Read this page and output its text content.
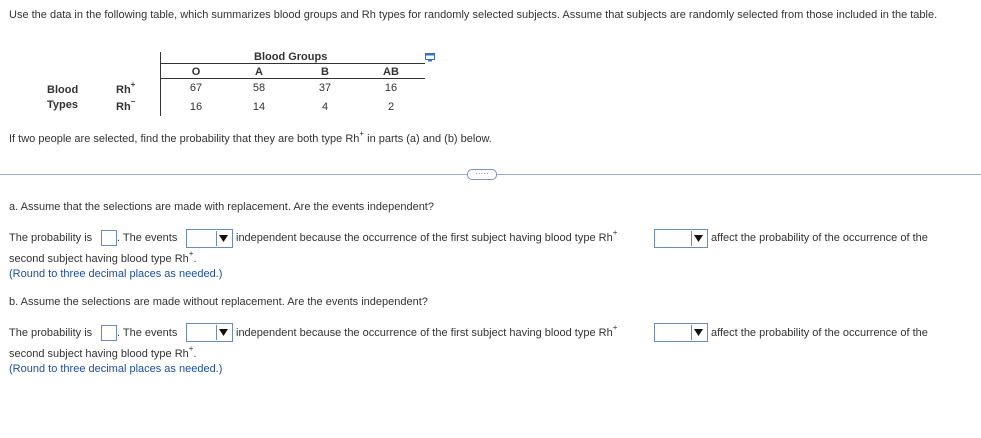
Use the data in the following table, which summarizes blood groups and Rh types for randomly selected subjects. Assume that subjects are randomly selected from those included in the table.
Blood Groups
O	A	B	AB
Blood
Types
Rh+
Rh−
67	58	37	16
16	14	4	2
If two people are selected, find the probability that they are both type Rh+ in parts (a) and (b) below.
·····
a. Assume that the selections are made with replacement. Are the events independent?
The probability is . The events	independent because the occurrence of the first subject having blood type Rh+	affect the probability of the occurrence of the
second subject having blood type Rh+.
(Round to three decimal places as needed.)
b. Assume the selections are made without replacement. Are the events independent?
The probability is . The events	independent because the occurrence of the first subject having blood type Rh+	affect the probability of the occurrence of the
second subject having blood type Rh+.
(Round to three decimal places as needed.)
